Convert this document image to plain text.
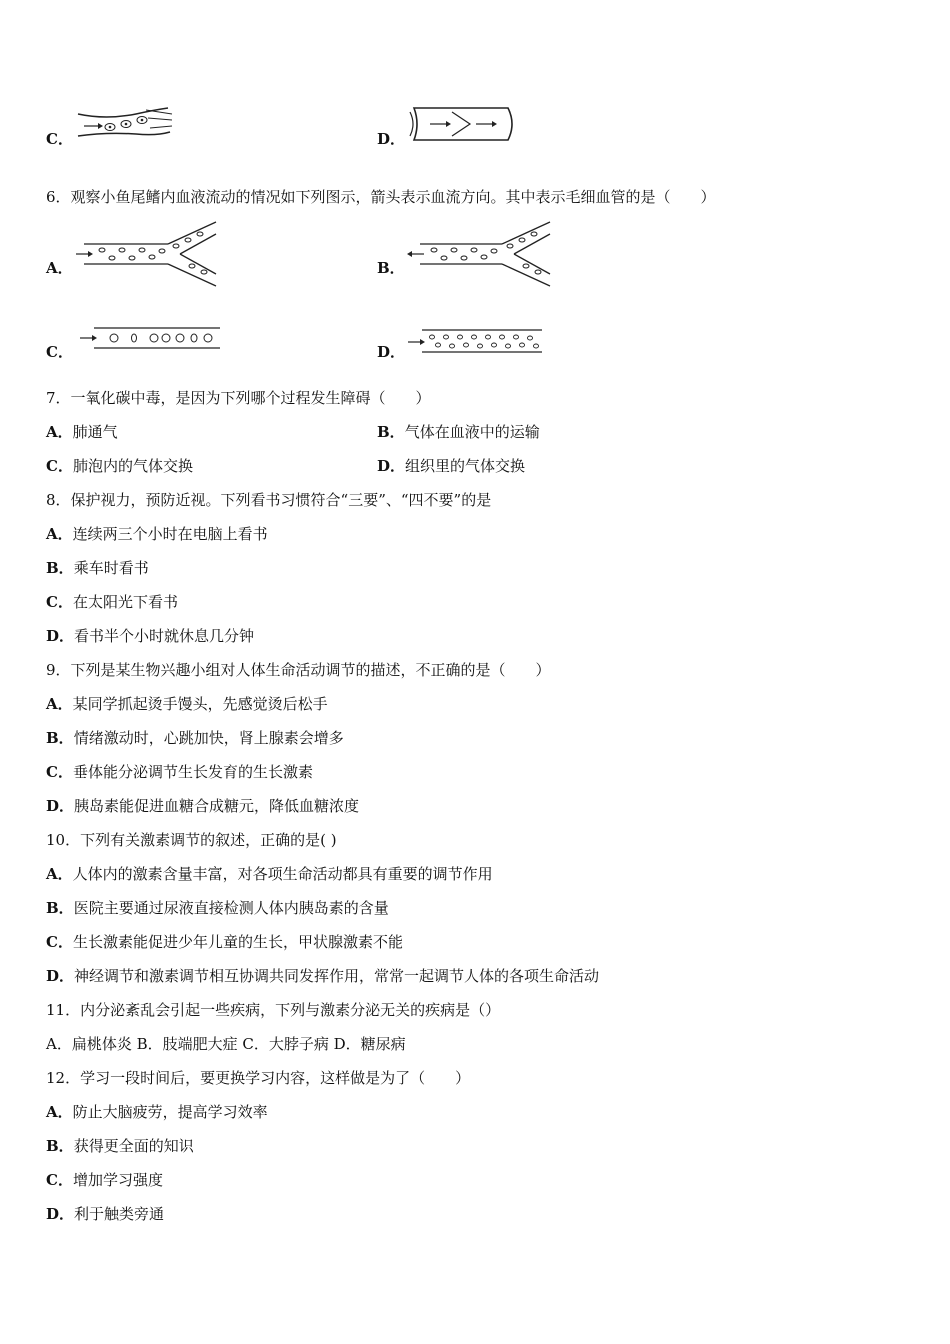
C．	D．
6．观察小鱼尾鳍内血液流动的情况如下列图示，箭头表示血流方向。其中表示毛细血管的是（　　）
A．	B．
C．	D．
7．一氧化碳中毒，是因为下列哪个过程发生障碍（　　）
A．肺通气	B．气体在血液中的运输
C．肺泡内的气体交换	D．组织里的气体交换
8．保护视力，预防近视。下列看书习惯符合“三要”、“四不要”的是
A．连续两三个小时在电脑上看书
B．乘车时看书
C．在太阳光下看书
D．看书半个小时就休息几分钟
9．下列是某生物兴趣小组对人体生命活动调节的描述，不正确的是（　　）
A．某同学抓起烫手馒头，先感觉烫后松手
B．情绪激动时，心跳加快，肾上腺素会增多
C．垂体能分泌调节生长发育的生长激素
D．胰岛素能促进血糖合成糖元，降低血糖浓度
10．下列有关激素调节的叙述，正确的是( )
A．人体内的激素含量丰富，对各项生命活动都具有重要的调节作用
B．医院主要通过尿液直接检测人体内胰岛素的含量
C．生长激素能促进少年儿童的生长，甲状腺激素不能
D．神经调节和激素调节相互协调共同发挥作用，常常一起调节人体的各项生命活动
11．内分泌紊乱会引起一些疾病，下列与激素分泌无关的疾病是（）
A．扁桃体炎 B．肢端肥大症 C．大脖子病 D．糖尿病
12．学习一段时间后，要更换学习内容，这样做是为了（　　）
A．防止大脑疲劳，提高学习效率
B．获得更全面的知识
C．增加学习强度
D．利于触类旁通
